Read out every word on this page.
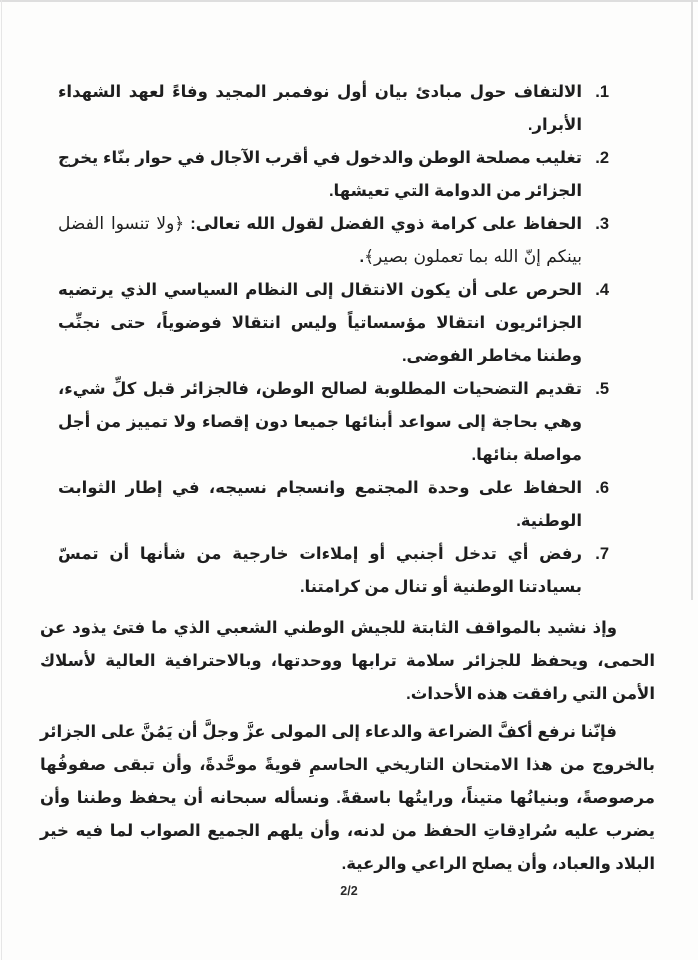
1.
الالتفاف حول مبادئ بيان أول نوفمبر المجيد وفاءً لعهد الشهداء الأبرار.
2.
تغليب مصلحة الوطن والدخول في أقرب الآجال في حوار بنّاء يخرج الجزائر من الدوامة التي تعيشها.
3.
الحفاظ على كرامة ذوي الفضل لقول الله تعالى: ﴿ولا تنسوا الفضل بينكم إنّ الله بما تعملون بصير﴾.
4.
الحرص على أن يكون الانتقال إلى النظام السياسي الذي يرتضيه الجزائريون انتقالا مؤسساتياً وليس انتقالا فوضوياً، حتى نجنِّب وطننا مخاطر الفوضى.
5.
تقديم التضحيات المطلوبة لصالح الوطن، فالجزائر قبل كلِّ شيء، وهي بحاجة إلى سواعد أبنائها جميعا دون إقصاء ولا تمييز من أجل مواصلة بنائها.
6.
الحفاظ على وحدة المجتمع وانسجام نسيجه، في إطار الثوابت الوطنية.
7.
رفض أي تدخل أجنبي أو إملاءات خارجية من شأنها أن تمسّ بسيادتنا الوطنية أو تنال من كرامتنا.

وإذ نشيد بالمواقف الثابتة للجيش الوطني الشعبي الذي ما فتئ يذود عن الحمى، ويحفظ للجزائر سلامة ترابها ووحدتها، وبالاحترافية العالية لأسلاك الأمن التي رافقت هذه الأحداث.

فإنّنا نرفع أكفَّ الضراعة والدعاء إلى المولى عزَّ وجلَّ أن يَمُنَّ على الجزائر بالخروج من هذا الامتحان التاريخي الحاسمِ قويةً موحَّدةً، وأن تبقى صفوفُها مرصوصةً، وبنيانُها متيناً، ورايتُها باسقةً. ونسأله سبحانه أن يحفظ وطننا وأن يضرب عليه سُرادِقاتِ الحفظ من لدنه، وأن يلهم الجميع الصواب لما فيه خير البلاد والعباد، وأن يصلح الراعي والرعية.

2/2
